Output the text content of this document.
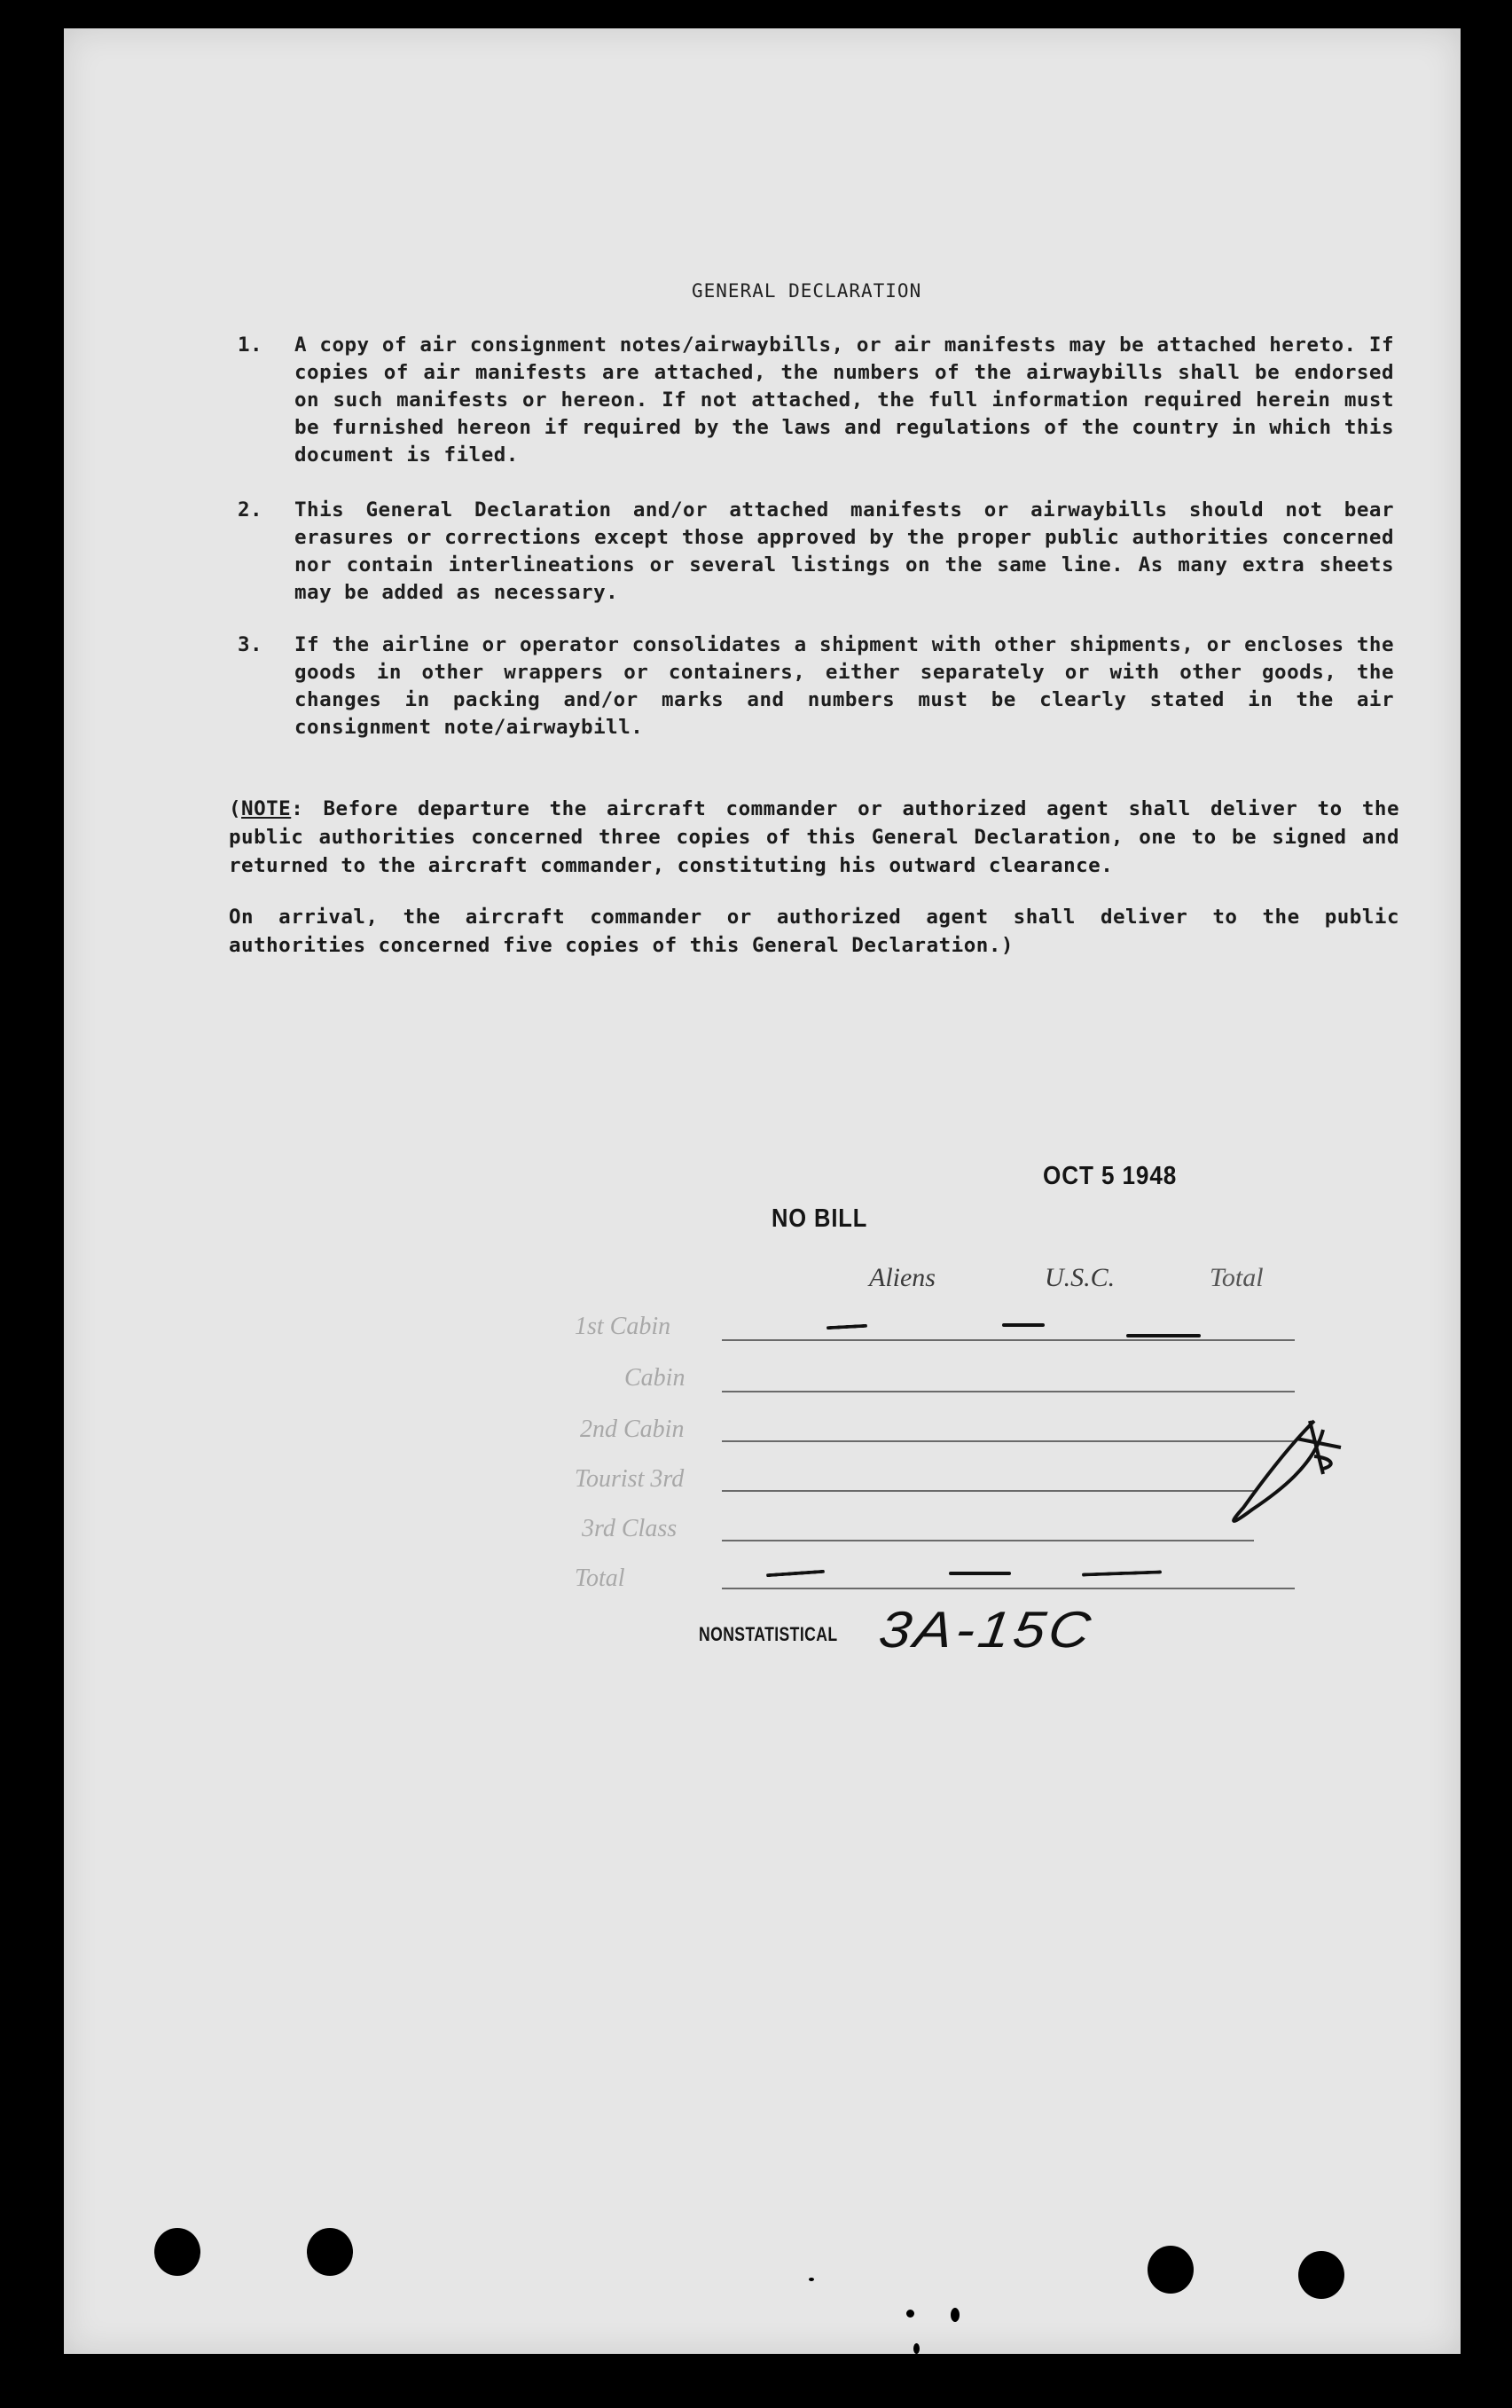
GENERAL DECLARATION
1. A copy of air consignment notes/airwaybills, or air manifests may be attached hereto. If copies of air manifests are attached, the numbers of the airwaybills shall be endorsed on such manifests or hereon. If not attached, the full information required herein must be furnished hereon if required by the laws and regulations of the country in which this document is filed.
2. This General Declaration and/or attached manifests or airwaybills should not bear erasures or corrections except those approved by the proper public authorities concerned nor contain interlineations or several listings on the same line. As many extra sheets may be added as necessary.
3. If the airline or operator consolidates a shipment with other shipments, or encloses the goods in other wrappers or containers, either separately or with other goods, the changes in packing and/or marks and numbers must be clearly stated in the air consignment note/airwaybill.
(NOTE: Before departure the aircraft commander or authorized agent shall deliver to the public authorities concerned three copies of this General Declaration, one to be signed and returned to the aircraft commander, constituting his outward clearance.
On arrival, the aircraft commander or authorized agent shall deliver to the public authorities concerned five copies of this General Declaration.)
OCT 5 1948
NO BILL
Aliens	U.S.C.	Total
1st Cabin
Cabin
2nd Cabin
Tourist 3rd
3rd Class
Total
NONSTATISTICAL 3A-15C
